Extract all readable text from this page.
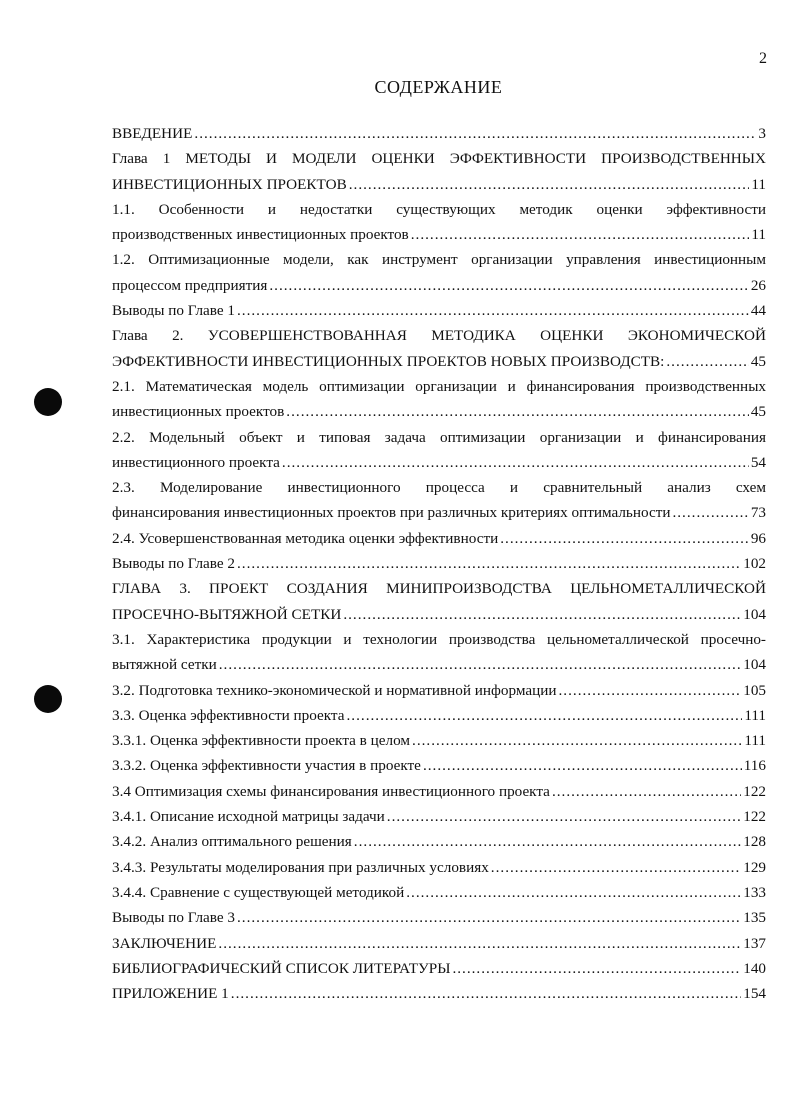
2
СОДЕРЖАНИЕ
ВВЕДЕНИЕ .....	3
Глава 1 МЕТОДЫ И МОДЕЛИ ОЦЕНКИ ЭФФЕКТИВНОСТИ ПРОИЗВОДСТВЕННЫХ
ИНВЕСТИЦИОННЫХ ПРОЕКТОВ .....	11
1.1. Особенности и недостатки существующих методик оценки эффективности
производственных инвестиционных проектов .....	11
1.2. Оптимизационные модели, как инструмент организации управления инвестиционным
процессом предприятия .....	26
Выводы по Главе 1 .....	44
Глава 2. УСОВЕРШЕНСТВОВАННАЯ МЕТОДИКА ОЦЕНКИ ЭКОНОМИЧЕСКОЙ
ЭФФЕКТИВНОСТИ ИНВЕСТИЦИОННЫХ ПРОЕКТОВ НОВЫХ ПРОИЗВОДСТВ: .....	45
2.1. Математическая модель оптимизации организации и финансирования производственных
инвестиционных проектов .....	45
2.2. Модельный объект и типовая задача оптимизации организации и финансирования
инвестиционного проекта .....	54
2.3. Моделирование инвестиционного процесса и сравнительный анализ схем
финансирования инвестиционных проектов при различных критериях оптимальности .....	73
2.4. Усовершенствованная методика оценки эффективности .....	96
Выводы по Главе 2 .....	102
ГЛАВА 3. ПРОЕКТ СОЗДАНИЯ МИНИПРОИЗВОДСТВА ЦЕЛЬНОМЕТАЛЛИЧЕСКОЙ
ПРОСЕЧНО-ВЫТЯЖНОЙ СЕТКИ .....	104
3.1. Характеристика продукции и технологии производства цельнометаллической просечно-
вытяжной сетки .....	104
3.2. Подготовка технико-экономической и нормативной информации .....	105
3.3. Оценка эффективности проекта .....	111
3.3.1. Оценка эффективности проекта в целом .....	111
3.3.2. Оценка эффективности участия в проекте .....	116
3.4 Оптимизация схемы финансирования инвестиционного проекта .....	122
3.4.1. Описание исходной матрицы задачи .....	122
3.4.2. Анализ оптимального решения .....	128
3.4.3. Результаты моделирования при различных условиях .....	129
3.4.4. Сравнение с существующей методикой .....	133
Выводы по Главе 3 .....	135
ЗАКЛЮЧЕНИЕ .....	137
БИБЛИОГРАФИЧЕСКИЙ СПИСОК ЛИТЕРАТУРЫ .....	140
ПРИЛОЖЕНИЕ 1 .....	154
